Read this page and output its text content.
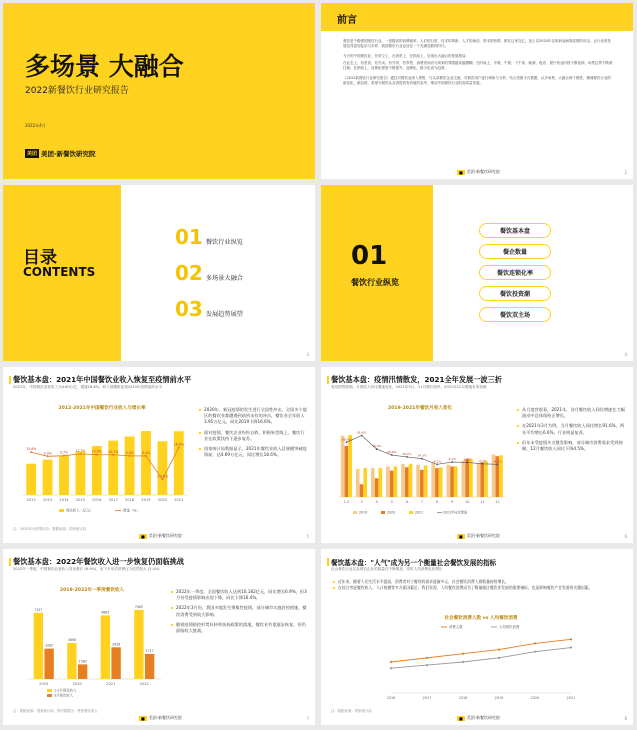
多场景 大融合
2022新餐饮行业研究报告
2022年4月
美团 美团·新餐饮研究院
前言

餐饮是个极强的刚性行业。一是极高的消费频率，人们的日常、技术的革新、人才的流动，资本的热情，都在这里交汇。加上自2020年以来新冠病毒疫情的冲击，让行业的发展变得更加复杂与多样，我国餐饮行业也处在一个充满变数的时代。

今天的中国餐饮业，在时空上、在场景上、在供给上，呈现出大融合的发展格局：

在业态上，有堂食、有外卖、有外带、有零售，消费者到店与到家的界限越来越模糊；在时间上，早餐、午餐、下午茶、晚餐、夜宵，餐厅营业时段不断延伸，场景边界不断被打破；在供给上，连锁化程度不断提升，品牌化、数字化成为趋势。

《2022新餐饮行业研究报告》通过对餐饮业深入观察，与头部餐饮企业交流，对餐饮用户进行调研与分析，结合美团平台数据，从多场景、大融合两个维度，梳理餐饮行业的新变化、新趋势，希望为餐饮从业者提供有价值的参考，推动中国餐饮行业的高质量发展。

■	美团·新餐饮研究院	2
目录
CONTENTS
01 餐饮行业纵览
02 多场景大融合
03 发展趋势展望
3
01
餐饮行业纵览
餐饮基本盘
餐企数量
餐饮连锁化率
餐饮投资潮
餐饮双主场
4
餐饮基本盘：2021年中国餐饮业收入恢复至疫情前水平
2021年，中国餐饮业营收入为4.69万亿，增速18.6%，收入规模恢复到2019年疫情前的水平
2012-2021年中国餐饮行业收入与增长率
2012
13.6%
2013
9.0%
2014
9.7%
2015
11.7%
2016
10.8%
2017
10.7%
2018
9.5%
2019
9.4%
2020
-16.6%
2021
18.6%
餐饮收入（亿元）	增速（%）
2020年，新冠疫情的发生进行全国性冲击，全国多个地区的餐饮业都遭遇到前所未有的冲击，餐饮业全年收入3.95万亿元，同比2019下降16.6%。
面对疫情，餐饮企业纷纷自救，积极转型线上，餐饮行业在政策扶持下逐步复苏。
国家统计局数据显示，2021年餐饮业收入总规模突破疫情前，达4.69万亿元，同比增长18.6%。
注：2020年为疫情年份；数据来源：国家统计局
■	美团·新餐饮研究院	5
餐饮基本盘：疫情汛情散发，2021全年发展一波三折
受疫情等影响，月度收入同比增速变化，2021年3月、11月增长较快，2021年12月增速有所放缓
2019-2021年餐饮月收入变化
68.9%
1-2
91.6%
3
46.4%
4
26.6%
5
20.2%
6
14.3%
7
-4.5%
8
3.1%
9
2.0%
10
-2.7%
11
-4.5%
12
2019	2020	2021	2021年同比增速
从月度营收看，2021年，各月餐饮收入同比增速在大幅波动中总体保持正增长。
在2021年3月为例，当月餐饮收入同比增长91.6%，两年平均增长6.6%，行业明显复苏。
但年末受疫情多点散发影响，部分城市消费需求受到抑制，12月餐饮收入同比下降4.5%。
■	美团·新餐饮研究院	6
餐饮基本盘：2022年餐饮收入进一步恢复仍面临挑战
2022年一季度，中国餐饮业营收入同比增长 (6.9%)，但下半年的消费压力依然较大 (3.4%)
2019-2022年一季度餐饮收入
7157
3282
2019
3898
1580
2020
6883
3428
2021
7465
2717
2022
1-2月餐饮收入
3月餐饮收入
2022年一季度，全国餐饮收入达到10,182亿元，同比增长6.9%，但3月份受疫情影响出现下降，同比下降16.4%。
2022年3月份，我国多地发生聚集性疫情，部分城市实施封控措施，餐饮消费受到较大影响。
随着疫情防控形势好转和扶持政策的落地，餐饮业有望逐步恢复，但仍面临较大挑战。
注：数据来源：国家统计局；图中数据为一季度餐饮收入
■	美团·新餐饮研究院	7
餐饮基本盘："人气"成为另一个衡量社会餐饮发展的指标
社会餐饮行业以及餐饮企业的数量在不断增加，同时人均消费也在增长
近年来，随着人们生活水平提高，消费者对于餐饮的需求逐渐多元，社会餐饮消费人群数量持续增长。
在综合考虑餐饮收入、人口规模等多方面因素后，我们发现，人均餐饮消费成为了衡量地区餐饮业发展的重要指标，也是影响餐饮产业发展的关键因素。
社会餐饮消费人数 vs 人均餐饮消费
消费人数	人均餐饮消费
2016	2017	2018	2019	2020	2021
注：数据来源：国家统计局
■	美团·新餐饮研究院	8
